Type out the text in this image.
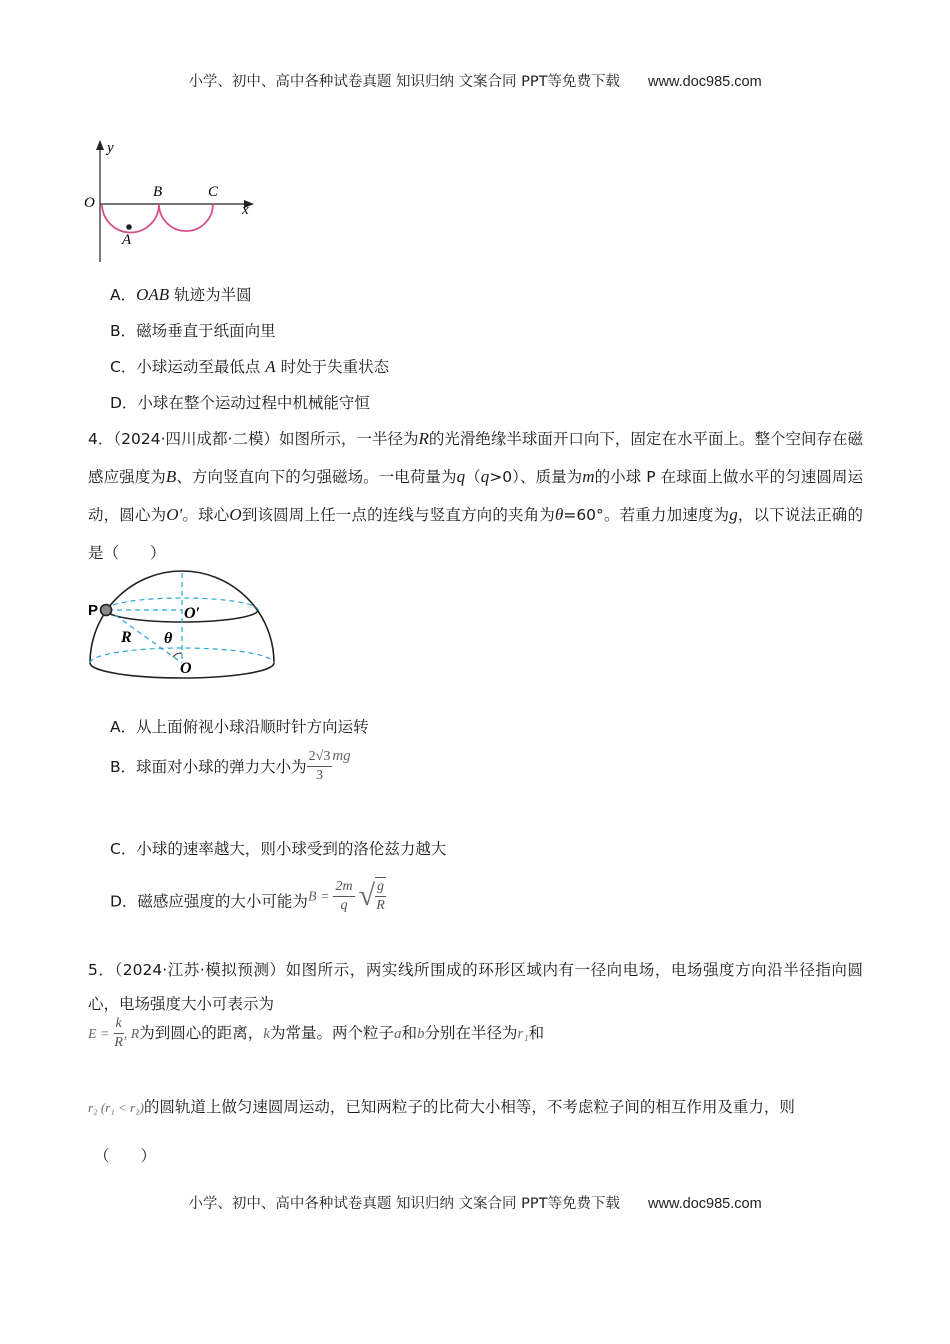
小学、初中、高中各种试卷真题 知识归纳 文案合同 PPT等免费下载 www.doc985.com
y
O
B	C
x
A
A．OAB 轨迹为半圆
B．磁场垂直于纸面向里
C．小球运动至最低点 A 时处于失重状态
D．小球在整个运动过程中机械能守恒
4．（2024·四川成都·二模）如图所示，一半径为R的光滑绝缘半球面开口向下，固定在水平面上。整个空间存在磁感应强度为B、方向竖直向下的匀强磁场。一电荷量为q（q>0）、质量为m的小球 P 在球面上做水平的匀速圆周运动，圆心为O′。球心O到该圆周上任一点的连线与竖直方向的夹角为θ=60°。若重力加速度为g，以下说法正确的是（　　）
P	O′
R θ
O
A．从上面俯视小球沿顺时针方向运转
B．球面对小球的弹力大小为 $\frac{2√3}{3}$ mg
C．小球的速率越大，则小球受到的洛伦兹力越大
D．磁感应强度的大小可能为$B = \frac{2m}{q}$ √ $\frac{g}{R}$
5．（2024·江苏·模拟预测）如图所示，两实线所围成的环形区域内有一径向电场，电场强度方向沿半径指向圆心，电场强度大小可表示为
$E = \frac{k}{R}$ , R为到圆心的距离，k为常量。两个粒子a和b分别在半径为r₁和
r₂ (r₁ < r₂)的圆轨道上做匀速圆周运动，已知两粒子的比荷大小相等，不考虑粒子间的相互作用及重力，则
（　　）
小学、初中、高中各种试卷真题 知识归纳 文案合同 PPT等免费下载 www.doc985.com
